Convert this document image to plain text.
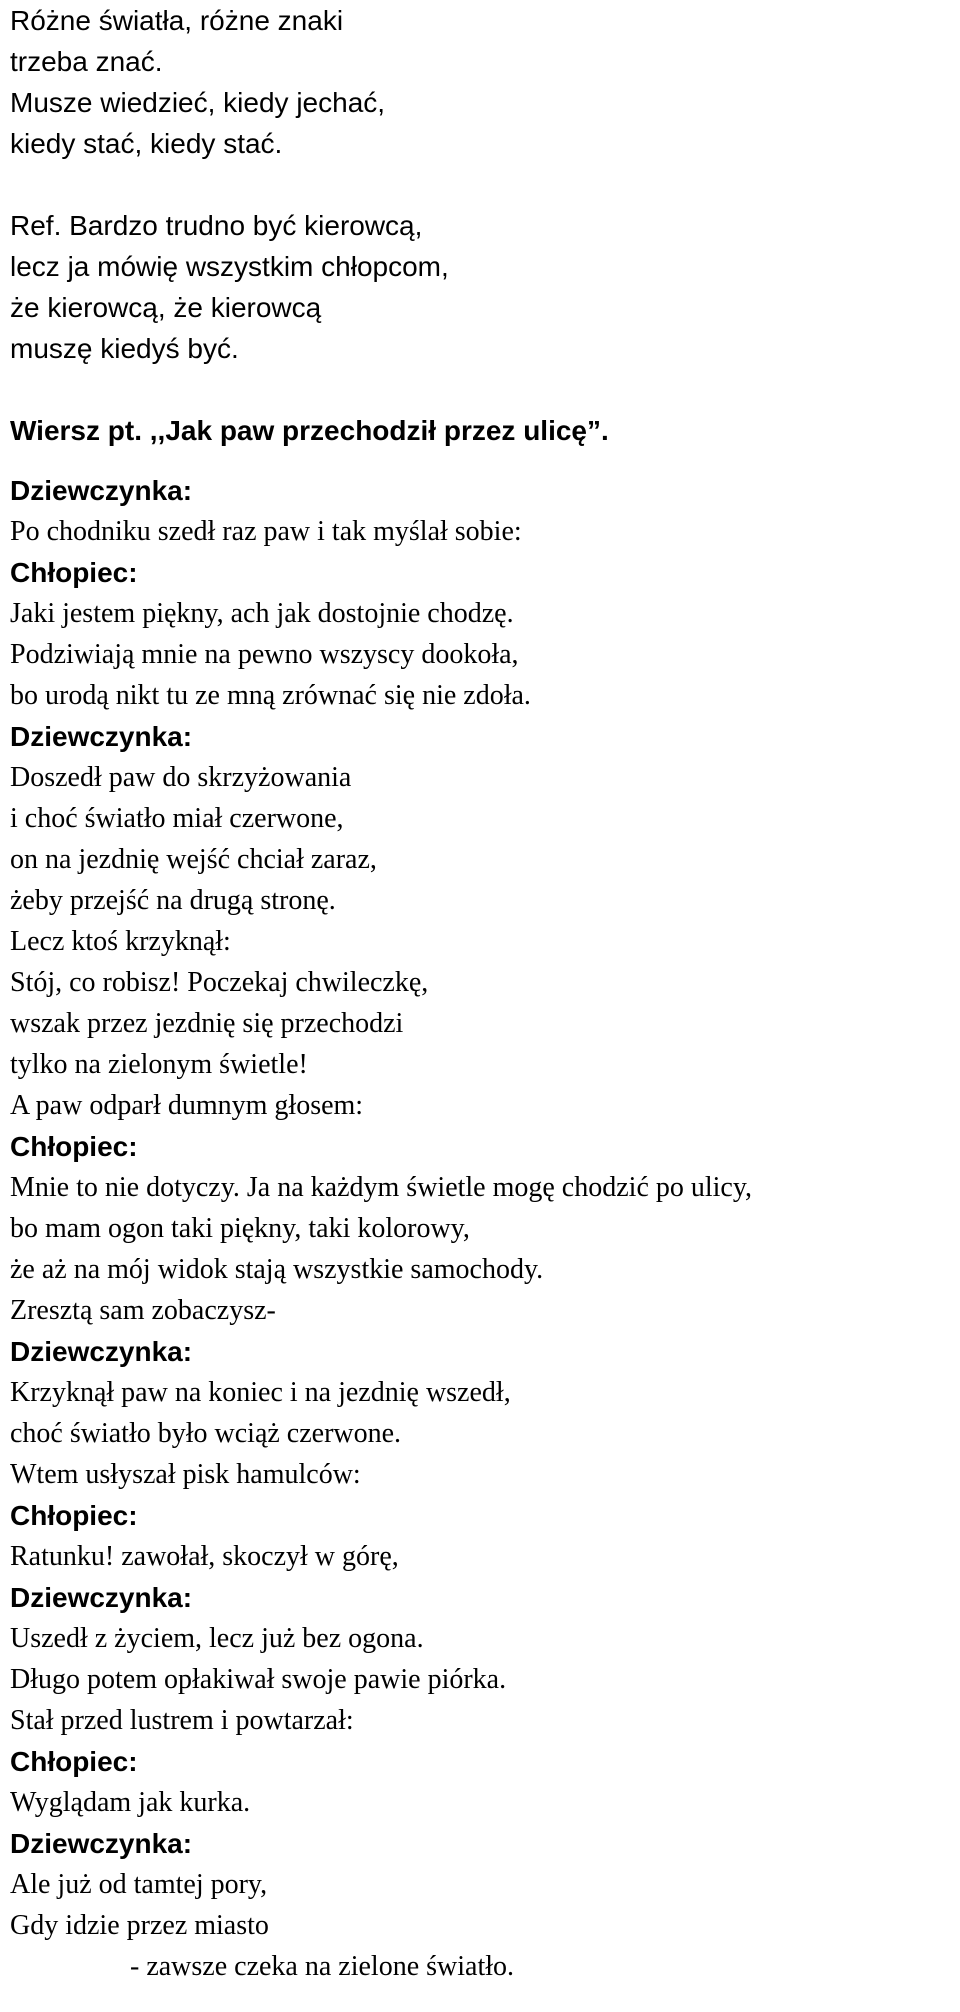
Różne światła, różne znaki
trzeba znać.
Musze wiedzieć, kiedy jechać,
kiedy stać, kiedy stać.
Ref. Bardzo trudno być kierowcą,
lecz ja mówię wszystkim chłopcom,
że kierowcą, że kierowcą
muszę kiedyś być.
Wiersz pt. ,,Jak paw przechodził przez ulicę”.
Dziewczynka:
Po chodniku szedł raz paw i tak myślał sobie:
Chłopiec:
Jaki jestem piękny, ach jak dostojnie chodzę.
Podziwiają mnie na pewno wszyscy dookoła,
bo urodą nikt tu ze mną zrównać się nie zdoła.
Dziewczynka:
Doszedł paw do skrzyżowania
i choć światło miał czerwone,
on na jezdnię wejść chciał zaraz,
żeby przejść na drugą stronę.
Lecz ktoś krzyknął:
Stój, co robisz! Poczekaj chwileczkę,
wszak przez jezdnię się przechodzi
tylko na zielonym świetle!
A paw odparł dumnym głosem:
Chłopiec:
Mnie to nie dotyczy. Ja na każdym świetle mogę chodzić po ulicy,
bo mam ogon taki piękny, taki kolorowy,
że aż na mój widok stają wszystkie samochody.
Zresztą sam zobaczysz-
Dziewczynka:
Krzyknął paw na koniec i na jezdnię wszedł,
choć światło było wciąż czerwone.
Wtem usłyszał pisk hamulców:
Chłopiec:
Ratunku! zawołał, skoczył w górę,
Dziewczynka:
Uszedł z życiem, lecz już bez ogona.
Długo potem opłakiwał swoje pawie piórka.
Stał przed lustrem i powtarzał:
Chłopiec:
Wyglądam jak kurka.
Dziewczynka:
Ale już od tamtej pory,
Gdy idzie przez miasto
- zawsze czeka na zielone światło.
